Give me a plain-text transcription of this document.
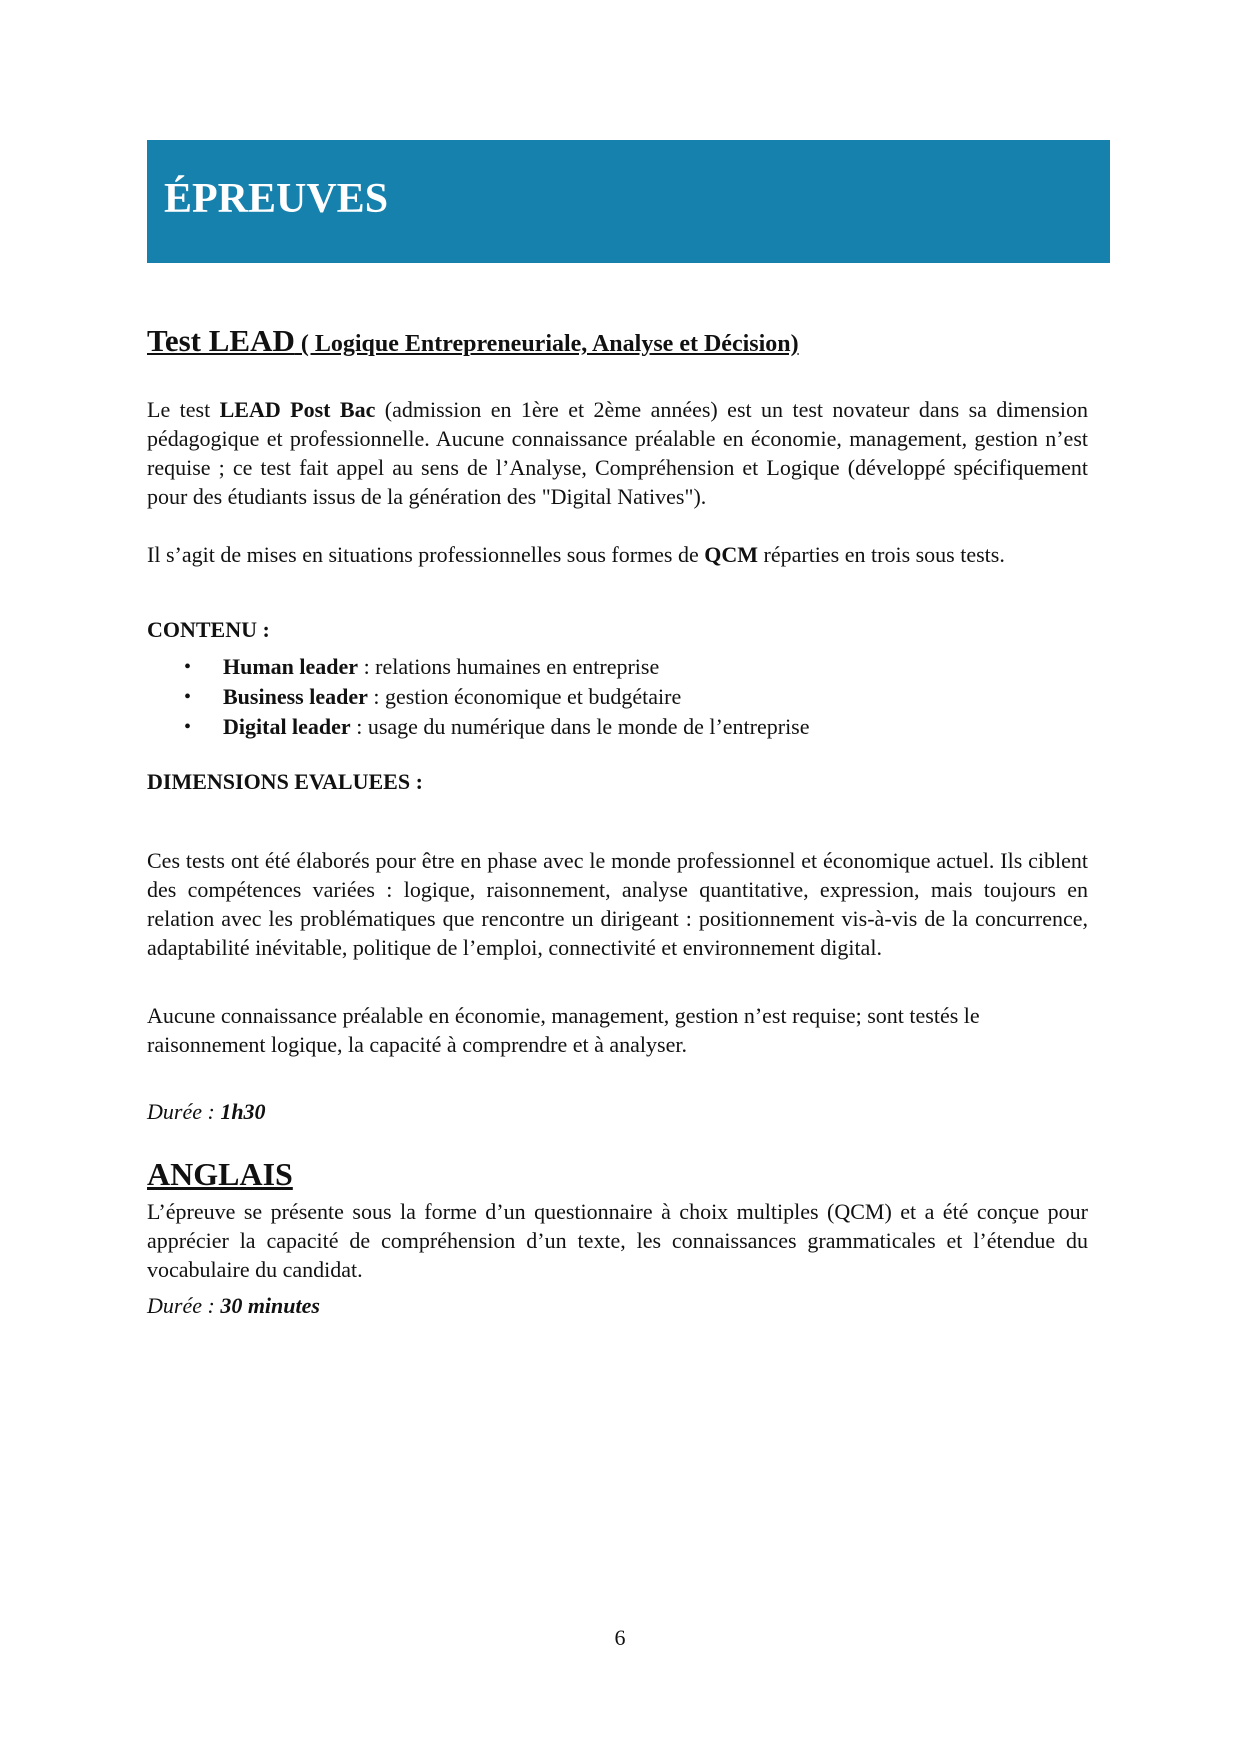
ÉPREUVES
Test LEAD ( Logique Entrepreneuriale, Analyse et Décision)

Le test LEAD Post Bac (admission en 1ère et 2ème années) est un test novateur dans sa dimension pédagogique et professionnelle. Aucune connaissance préalable en économie, management, gestion n’est requise ; ce test fait appel au sens de l’Analyse, Compréhension et Logique (développé spécifiquement pour des étudiants issus de la génération des "Digital Natives").

Il s’agit de mises en situations professionnelles sous formes de QCM réparties en trois sous tests.

CONTENU :
• Human leader : relations humaines en entreprise
• Business leader : gestion économique et budgétaire
• Digital leader : usage du numérique dans le monde de l’entreprise
DIMENSIONS EVALUEES :

Ces tests ont été élaborés pour être en phase avec le monde professionnel et économique actuel. Ils ciblent des compétences variées : logique, raisonnement, analyse quantitative, expression, mais toujours en relation avec les problématiques que rencontre un dirigeant : positionnement vis-à-vis de la concurrence, adaptabilité inévitable, politique de l’emploi, connectivité et environnement digital.

Aucune connaissance préalable en économie, management, gestion n’est requise; sont testés le raisonnement logique, la capacité à comprendre et à analyser.

Durée : 1h30
ANGLAIS

L’épreuve se présente sous la forme d’un questionnaire à choix multiples (QCM) et a été conçue pour apprécier la capacité de compréhension d’un texte, les connaissances grammaticales et l’étendue du vocabulaire du candidat.

Durée : 30 minutes
6
